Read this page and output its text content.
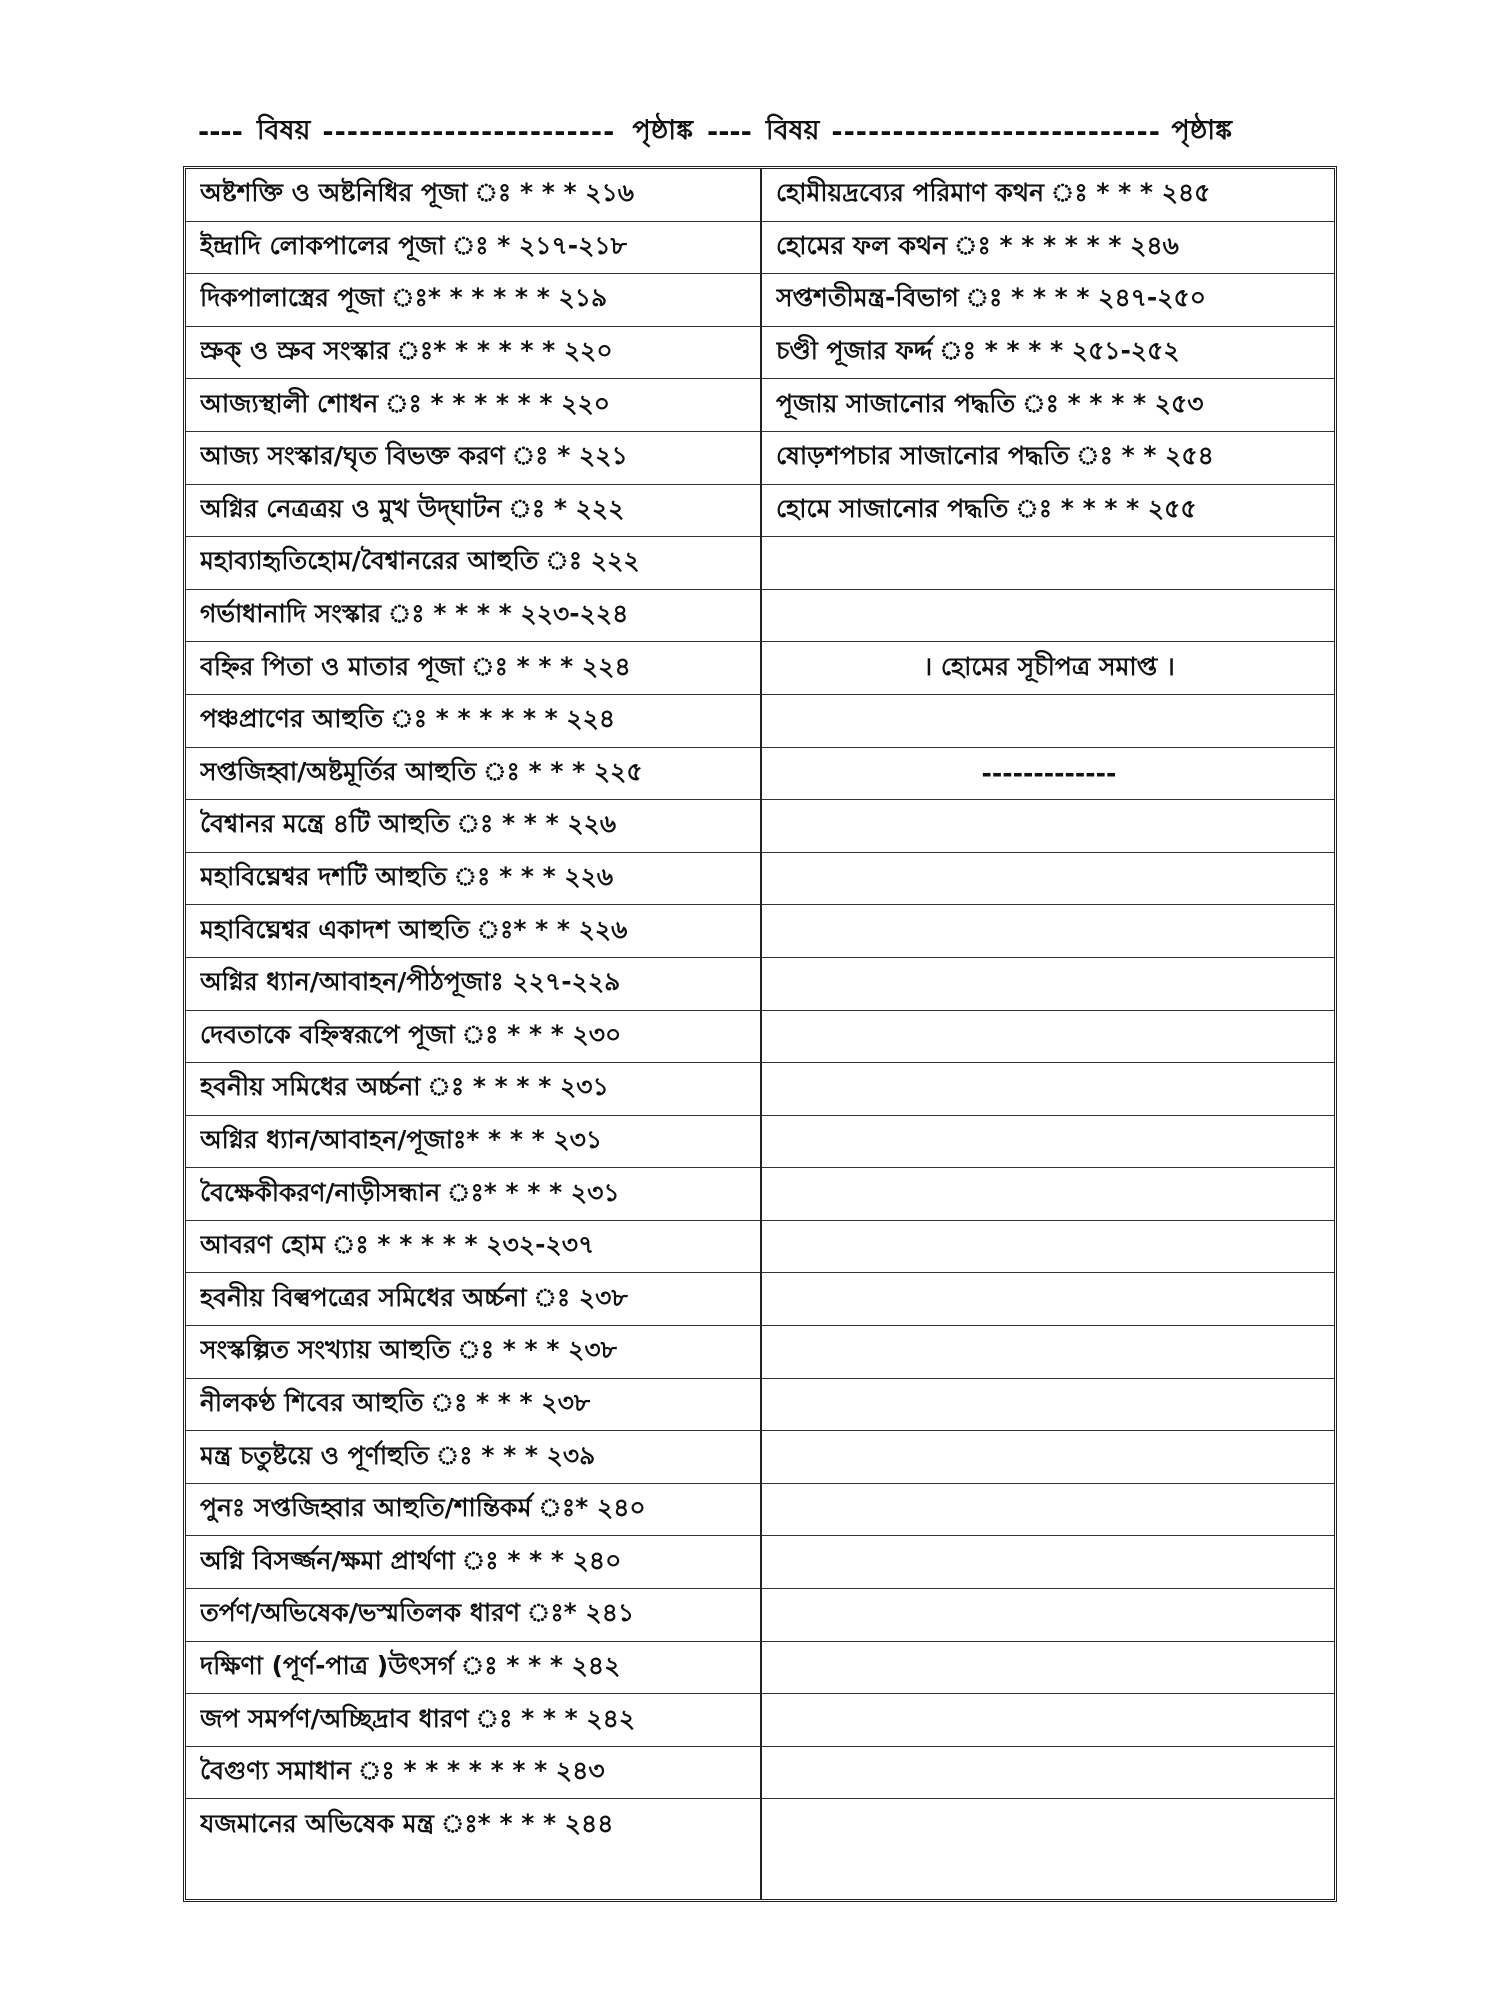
---- বিষয় ------------------------ পৃষ্ঠাঙ্ক ---- বিষয় --------------------------- পৃষ্ঠাঙ্ক
অষ্টশক্তি ও অষ্টনিধির পূজা ঃ * * * ২১৬
ইন্দ্রাদি লোকপালের পূজা ঃ * ২১৭-২১৮
দিকপালাস্ত্রের পূজা ঃ* * * * * * ২১৯
স্রুক্‌ ও স্রুব সংস্কার ঃ* * * * * * ২২০
আজ্যস্থালী শোধন ঃ * * * * * * ২২০
আজ্য সংস্কার/ঘৃত বিভক্ত করণ ঃ * ২২১
অগ্নির নেত্রত্রয় ও মুখ উদ্‌ঘাটন ঃ * ২২২
মহাব্যাহৃতিহোম/বৈশ্বানরের আহুতি ঃ ২২২
গর্ভাধানাদি সংস্কার ঃ * * * * ২২৩-২২৪
বহ্নির পিতা ও মাতার পূজা ঃ * * * ২২৪
পঞ্চপ্রাণের আহুতি ঃ * * * * * * ২২৪
সপ্তজিহ্বা/অষ্টমূর্তির আহুতি ঃ * * * ২২৫
বৈশ্বানর মন্ত্রে ৪টি আহুতি ঃ * * * ২২৬
মহাবিঘ্নেশ্বর দশটি আহুতি ঃ * * * ২২৬
মহাবিঘ্নেশ্বর একাদশ আহুতি ঃ* * * ২২৬
অগ্নির ধ্যান/আবাহন/পীঠপূজাঃ ২২৭-২২৯
দেবতাকে বহ্নিস্বরূপে পূজা ঃ * * * ২৩০
হবনীয় সমিধের অর্চ্চনা ঃ * * * * ২৩১
অগ্নির ধ্যান/আবাহন/পূজাঃ* * * * ২৩১
বৈক্ষেকীকরণ/নাড়ীসন্ধান ঃ* * * * ২৩১
আবরণ হোম ঃ * * * * * ২৩২-২৩৭
হবনীয় বিল্বপত্রের সমিধের অর্চ্চনা ঃ ২৩৮
সংস্কল্পিত সংখ্যায় আহুতি ঃ * * * ২৩৮
নীলকণ্ঠ শিবের আহুতি ঃ * * * ২৩৮
মন্ত্র চতুষ্টয়ে ও পূর্ণাহুতি ঃ * * * ২৩৯
পুনঃ সপ্তজিহ্বার আহুতি/শান্তিকর্ম ঃ* ২৪০
অগ্নি বিসর্জ্জন/ক্ষমা প্রার্থণা ঃ * * * ২৪০
তর্পণ/অভিষেক/ভস্মতিলক ধারণ ঃ* ২৪১
দক্ষিণা (পূর্ণ-পাত্র )উৎসর্গ ঃ * * * ২৪২
জপ সমর্পণ/অচ্ছিদ্রাব ধারণ ঃ * * * ২৪২
বৈগুণ্য সমাধান ঃ * * * * * * * ২৪৩
যজমানের অভিষেক মন্ত্র ঃ* * * * ২৪৪
হোমীয়দ্রব্যের পরিমাণ কথন ঃ * * * ২৪৫
হোমের ফল কথন ঃ * * * * * * ২৪৬
সপ্তশতীমন্ত্র-বিভাগ ঃ * * * * ২৪৭-২৫০
চণ্ডী পূজার ফর্দ্দ ঃ * * * * ২৫১-২৫২
পূজায় সাজানোর পদ্ধতি ঃ * * * * ২৫৩
ষোড়শপচার সাজানোর পদ্ধতি ঃ * * ২৫৪
হোমে সাজানোর পদ্ধতি ঃ * * * * ২৫৫
। হোমের সূচীপত্র সমাপ্ত ।
-------------
